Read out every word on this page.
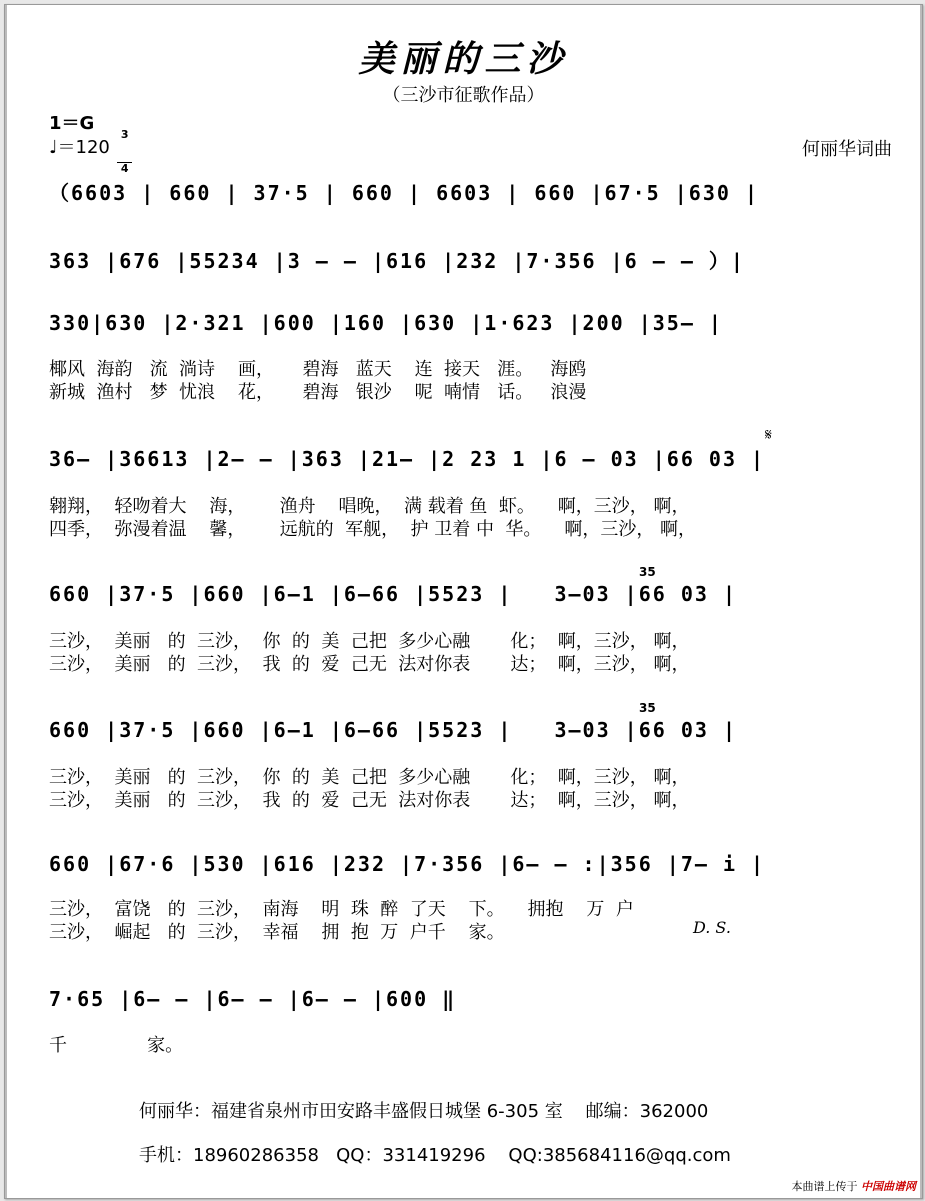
美丽的三沙
（三沙市征歌作品）
1＝G

3

4

♩＝120	何丽华词曲
（6603 | 660 | 37·5 | 660 | 6603 | 660 |67·5 |630 |
363 |676 |55234 |3 — — |616 |232 |7·356 |6 — — ）|
330|630 |2·321 |600 |160 |630 |1·623 |200 |35— |
椰风  海韵   流  淌诗    画，     碧海   蓝天    连  接天   涯。   海鸥
新城  渔村   梦  忧浪    花，     碧海   银沙    呢  喃情   话。   浪漫
𝄋
36— |36613 |2— — |363 |21— |2 23 1 |6 — 03 |66 03 |
翱翔，  轻吻着大    海，      渔舟    唱晚，  满 载着 鱼  虾。    啊，三沙， 啊，
四季，  弥漫着温    馨，      远航的  军舰，  护 卫着 中  华。    啊，三沙， 啊，
35
660 |37·5 |660 |6—1 |6—66 |5523 |   3—03 |66 03 |
三沙，  美丽   的  三沙，  你  的  美  己把  多少心融       化；  啊，三沙， 啊，
三沙，  美丽   的  三沙，  我  的  爱  己无  法对你表       达；  啊，三沙， 啊，
35
660 |37·5 |660 |6—1 |6—66 |5523 |   3—03 |66 03 |
三沙，  美丽   的  三沙，  你  的  美  己把  多少心融       化；  啊，三沙， 啊，
三沙，  美丽   的  三沙，  我  的  爱  己无  法对你表       达；  啊，三沙， 啊，
660 |67·6 |530 |616 |232 |7·356 |6— — :|356 |7— i |
三沙，  富饶   的  三沙，  南海    明  珠  醉  了天    下。    拥抱    万  户
三沙，  崛起   的  三沙，  幸福    拥  抱  万  户千    家。	D. S.
7·65 |6— — |6— — |6— — |600 ‖
千              家。
何丽华：福建省泉州市田安路丰盛假日城堡 6-305 室    邮编：362000
手机：18960286358   QQ：331419296    QQ:385684116@qq.com
本曲谱上传于 中国曲谱网
